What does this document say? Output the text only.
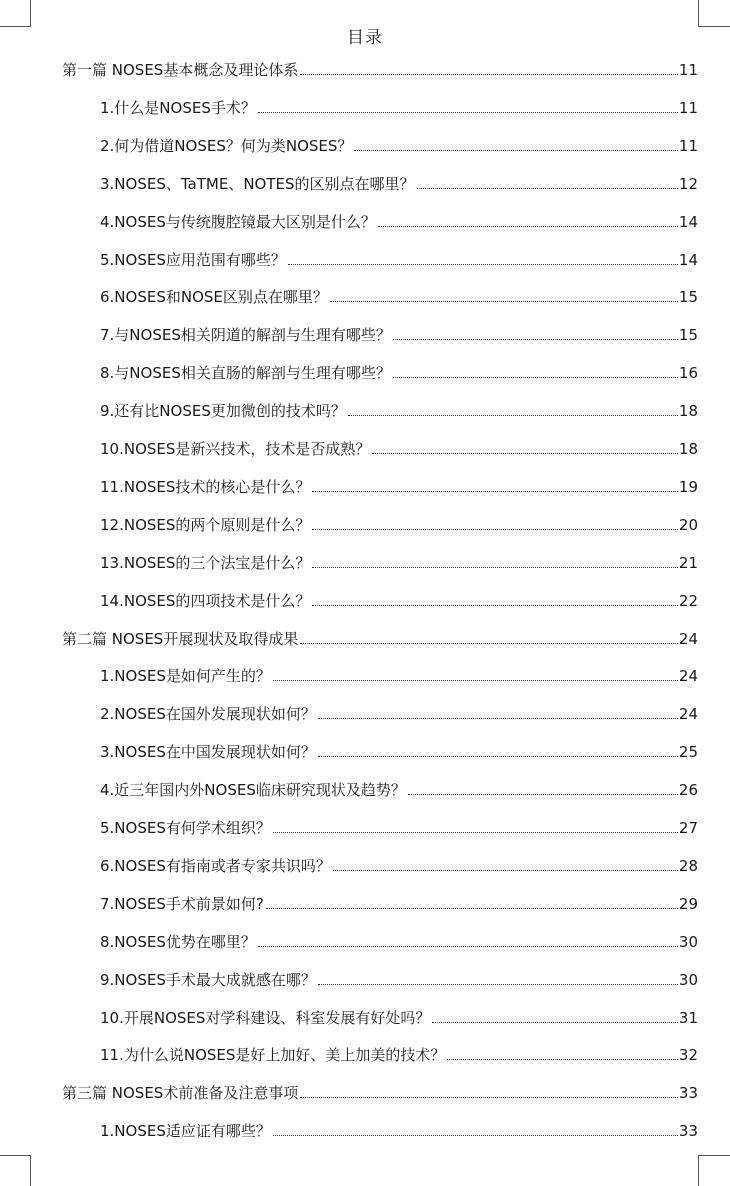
目录
第一篇 NOSES基本概念及理论体系	11
1.什么是NOSES手术？	11
2.何为借道NOSES？何为类NOSES？	11
3.NOSES、TaTME、NOTES的区别点在哪里？	12
4.NOSES与传统腹腔镜最大区别是什么？	14
5.NOSES应用范围有哪些？	14
6.NOSES和NOSE区别点在哪里？	15
7.与NOSES相关阴道的解剖与生理有哪些？	15
8.与NOSES相关直肠的解剖与生理有哪些？	16
9.还有比NOSES更加微创的技术吗？	18
10.NOSES是新兴技术，技术是否成熟？	18
11.NOSES技术的核心是什么？	19
12.NOSES的两个原则是什么？	20
13.NOSES的三个法宝是什么？	21
14.NOSES的四项技术是什么？	22
第二篇 NOSES开展现状及取得成果	24
1.NOSES是如何产生的？	24
2.NOSES在国外发展现状如何？	24
3.NOSES在中国发展现状如何？	25
4.近三年国内外NOSES临床研究现状及趋势？	26
5.NOSES有何学术组织？	27
6.NOSES有指南或者专家共识吗？	28
7.NOSES手术前景如何?	29
8.NOSES优势在哪里？	30
9.NOSES手术最大成就感在哪？	30
10.开展NOSES对学科建设、科室发展有好处吗？	31
11.为什么说NOSES是好上加好、美上加美的技术？	32
第三篇 NOSES术前准备及注意事项	33
1.NOSES适应证有哪些？	33
